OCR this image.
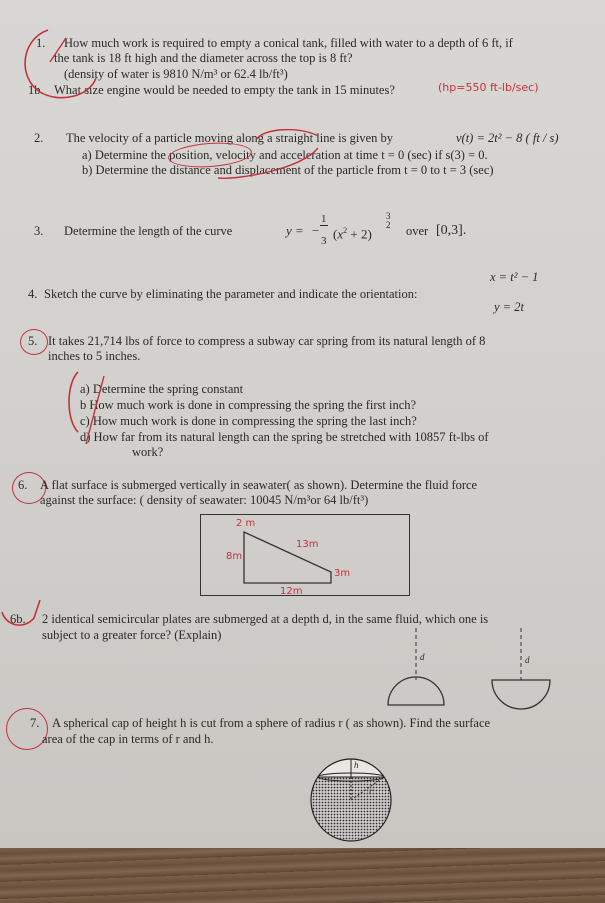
1. How much work is required to empty a conical tank, filled with water to a depth of 6 ft, if
the tank is 18 ft high and the diameter across the top is 8 ft?
(density of water is 9810 N/m³ or 62.4 lb/ft³)
1b. What size engine would be needed to empty the tank in 15 minutes?	(hp=550 ft-lb/sec)
2. The velocity of a particle moving along a straight line is given by	v(t) = 2t² − 8 ( ft / s)
a) Determine the position, velocity and acceleration at time t = 0 (sec) if s(3) = 0.
b) Determine the distance and displacement of the particle from t = 0 to t = 3 (sec)
3. Determine the length of the curve	y = −
1
3 $(x^2 + 2)$
3
2 over [0,3].
x = t² − 1
4. Sketch the curve by eliminating the parameter and indicate the orientation:
y = 2t
5. It takes 21,714 lbs of force to compress a subway car spring from its natural length of 8
inches to 5 inches.
a) Determine the spring constant
b How much work is done in compressing the spring the first inch?
c) How much work is done in compressing the spring the last inch?
d) How far from its natural length can the spring be stretched with 10857 ft-lbs of
work?
6. A flat surface is submerged vertically in seawater( as shown). Determine the fluid force
against the surface: ( density of seawater: 10045 N/m³or 64 lb/ft³)
2 m
8m
13m
3m
12m
6b. 2 identical semicircular plates are submerged at a depth d, in the same fluid, which one is
subject to a greater force? (Explain)
d	d
7. A spherical cap of height h is cut from a sphere of radius r ( as shown). Find the surface
area of the cap in terms of r and h.
h
r
